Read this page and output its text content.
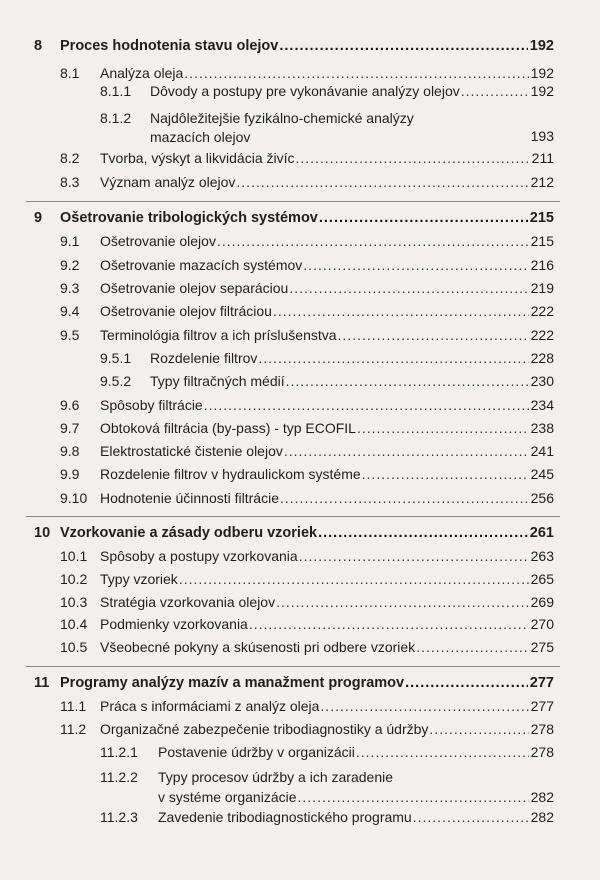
8 Proces hodnotenia stavu olejov .....	192
8.1 Analýza oleja .....	192
8.1.1 Dôvody a postupy pre vykonávanie analýzy olejov .....	192
8.1.2 Najdôležitejšie fyzikálno-chemické analýzy
mazacích olejov	193
8.2 Tvorba, výskyt a likvidácia živíc .....	211
8.3 Význam analýz olejov .....	212
9 Ošetrovanie tribologických systémov .....	215
9.1 Ošetrovanie olejov .....	215
9.2 Ošetrovanie mazacích systémov .....	216
9.3 Ošetrovanie olejov separáciou .....	219
9.4 Ošetrovanie olejov filtráciou .....	222
9.5 Terminológia filtrov a ich príslušenstva .....	222
9.5.1 Rozdelenie filtrov .....	228
9.5.2 Typy filtračných médií .....	230
9.6 Spôsoby filtrácie .....	234
9.7 Obtoková filtrácia (by-pass) - typ ECOFIL .....	238
9.8 Elektrostatické čistenie olejov .....	241
9.9 Rozdelenie filtrov v hydraulickom systéme .....	245
9.10 Hodnotenie účinnosti filtrácie .....	256
10 Vzorkovanie a zásady odberu vzoriek .....	261
10.1 Spôsoby a postupy vzorkovania .....	263
10.2 Typy vzoriek .....	265
10.3 Stratégia vzorkovania olejov .....	269
10.4 Podmienky vzorkovania .....	270
10.5 Všeobecné pokyny a skúsenosti pri odbere vzoriek .....	275
11 Programy analýzy mazív a manažment programov .....	277
11.1 Práca s informáciami z analýz oleja .....	277
11.2 Organizačné zabezpečenie tribodiagnostiky a údržby .....	278
11.2.1 Postavenie údržby v organizácii .....	278
11.2.2 Typy procesov údržby a ich zaradenie
v systéme organizácie .....	282
11.2.3 Zavedenie tribodiagnostického programu .....	282
